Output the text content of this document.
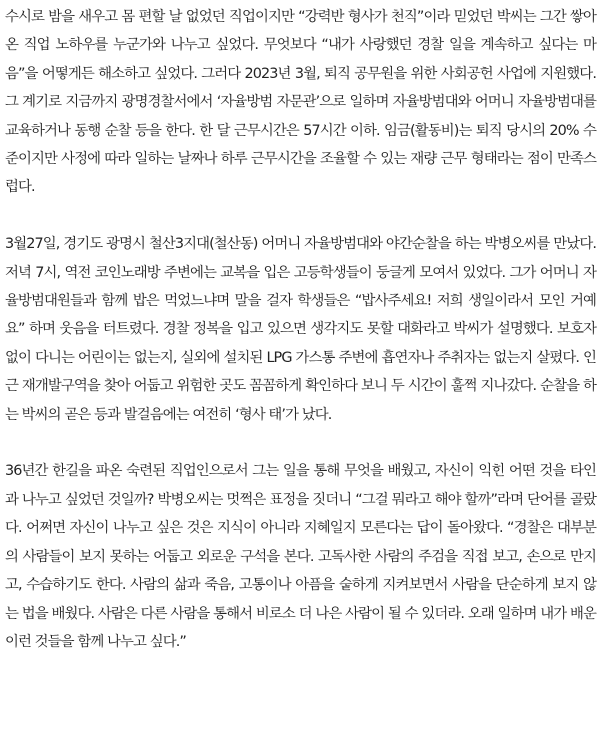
수시로 밤을 새우고 몸 편할 날 없었던 직업이지만 “강력반 형사가 천직”이라 믿었던 박씨는 그간 쌓아온 직업 노하우를 누군가와 나누고 싶었다. 무엇보다 “내가 사랑했던 경찰 일을 계속하고 싶다는 마음”을 어떻게든 해소하고 싶었다. 그러다 2023년 3월, 퇴직 공무원을 위한 사회공헌 사업에 지원했다. 그 계기로 지금까지 광명경찰서에서 ‘자율방범 자문관’으로 일하며 자율방범대와 어머니 자율방범대를 교육하거나 동행 순찰 등을 한다. 한 달 근무시간은 57시간 이하. 임금(활동비)는 퇴직 당시의 20% 수준이지만 사정에 따라 일하는 날짜나 하루 근무시간을 조율할 수 있는 재량 근무 형태라는 점이 만족스럽다.

3월27일, 경기도 광명시 철산3지대(철산동) 어머니 자율방범대와 야간순찰을 하는 박병오씨를 만났다. 저녁 7시, 역전 코인노래방 주변에는 교복을 입은 고등학생들이 둥글게 모여서 있었다. 그가 어머니 자율방범대원들과 함께 밥은 먹었느냐며 말을 걸자 학생들은 “밥사주세요! 저희 생일이라서 모인 거예요” 하며 웃음을 터트렸다. 경찰 정복을 입고 있으면 생각지도 못할 대화라고 박씨가 설명했다. 보호자 없이 다니는 어린이는 없는지, 실외에 설치된 LPG 가스통 주변에 흡연자나 주취자는 없는지 살폈다. 인근 재개발구역을 찾아 어둡고 위험한 곳도 꼼꼼하게 확인하다 보니 두 시간이 훌쩍 지나갔다. 순찰을 하는 박씨의 곧은 등과 발걸음에는 여전히 ‘형사 태’가 났다.

36년간 한길을 파온 숙련된 직업인으로서 그는 일을 통해 무엇을 배웠고, 자신이 익힌 어떤 것을 타인과 나누고 싶었던 것일까? 박병오씨는 멋쩍은 표정을 짓더니 “그걸 뭐라고 해야 할까”라며 단어를 골랐다. 어쩌면 자신이 나누고 싶은 것은 지식이 아니라 지혜일지 모른다는 답이 돌아왔다. “경찰은 대부분의 사람들이 보지 못하는 어둡고 외로운 구석을 본다. 고독사한 사람의 주검을 직접 보고, 손으로 만지고, 수습하기도 한다. 사람의 삶과 죽음, 고통이나 아픔을 숱하게 지켜보면서 사람을 단순하게 보지 않는 법을 배웠다. 사람은 다른 사람을 통해서 비로소 더 나은 사람이 될 수 있더라. 오래 일하며 내가 배운 이런 것들을 함께 나누고 싶다.”
